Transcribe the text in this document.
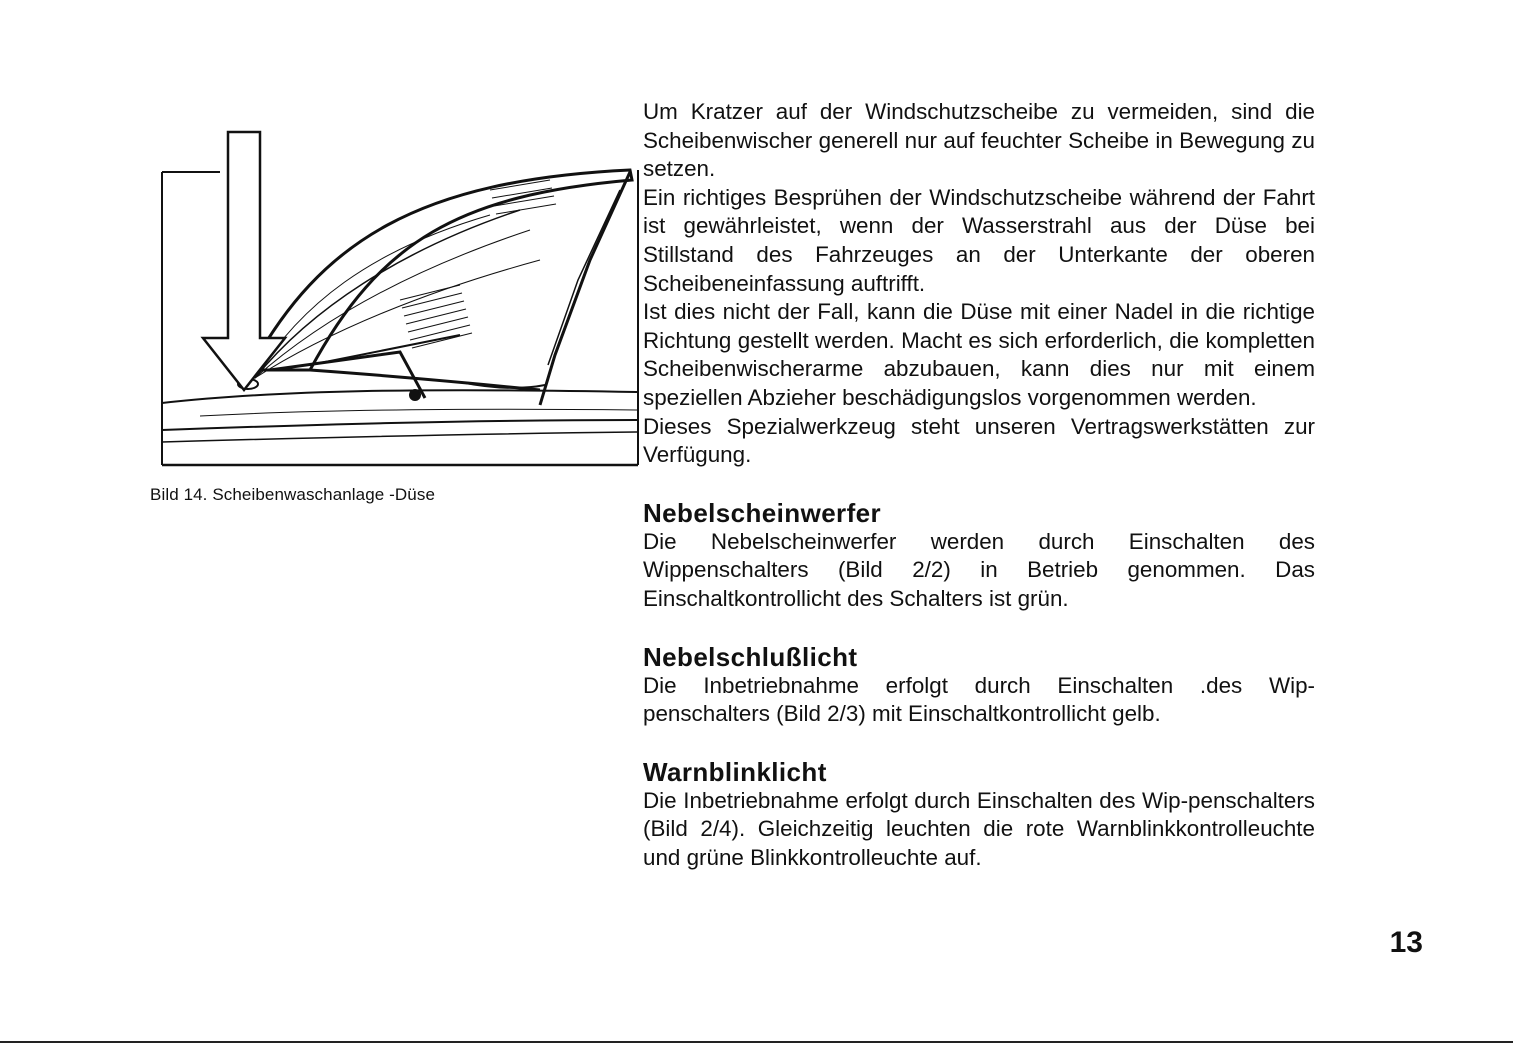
Bild 14. Scheibenwaschanlage -Düse

Um Kratzer auf der Windschutzscheibe zu vermeiden, sind die Scheibenwischer generell nur auf feuchter Scheibe in Bewegung zu setzen.

Ein richtiges Besprühen der Windschutzscheibe während der Fahrt ist gewährleistet, wenn der Wasserstrahl aus der Düse bei Stillstand des Fahrzeuges an der Unterkante der oberen Scheibeneinfassung auftrifft.

Ist dies nicht der Fall, kann die Düse mit einer Nadel in die richtige Richtung gestellt werden. Macht es sich erforderlich, die kompletten Scheibenwischerarme abzubauen, kann dies nur mit einem speziellen Abzieher beschädigungslos vorgenommen werden.

Dieses Spezialwerkzeug steht unseren Vertragswerkstätten zur Verfügung.

Nebelscheinwerfer

Die Nebelscheinwerfer werden durch Einschalten des Wippenschalters (Bild 2/2) in Betrieb genommen. Das Einschaltkontrollicht des Schalters ist grün.

Nebelschlußlicht

Die Inbetriebnahme erfolgt durch Einschalten .des Wip-penschalters (Bild 2/3) mit Einschaltkontrollicht gelb.

Warnblinklicht

Die Inbetriebnahme erfolgt durch Einschalten des Wip-penschalters (Bild 2/4). Gleichzeitig leuchten die rote Warnblinkkontrolleuchte und grüne Blinkkontrolleuchte auf.

13
